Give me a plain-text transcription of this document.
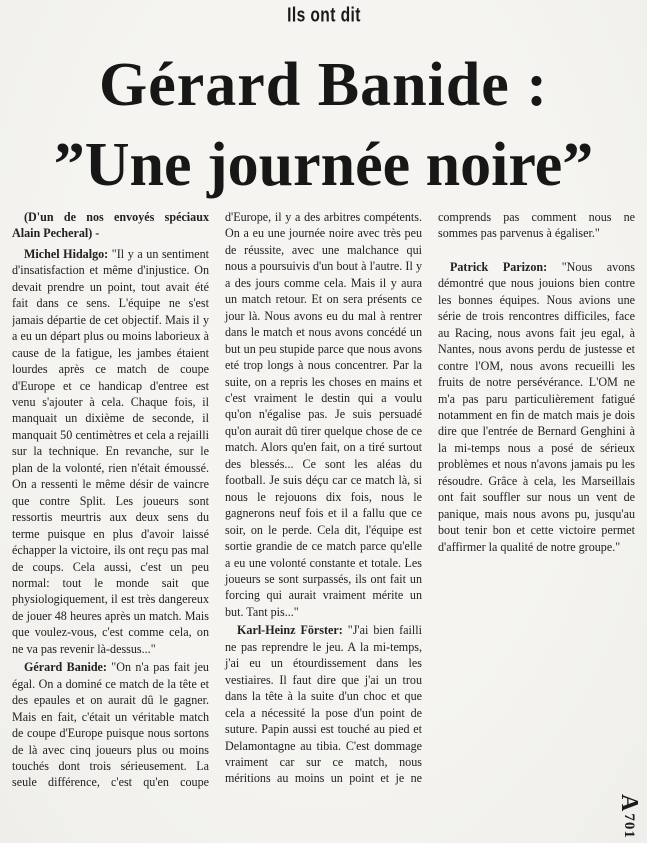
Ils ont dit
Gérard Banide :
”Une journée noire”

(D'un de nos envoyés spéciaux Alain Pecheral) -

Michel Hidalgo: "Il y a un sentiment d'insatisfaction et même d'injustice. On devait prendre un point, tout avait été fait dans ce sens. L'équipe ne s'est jamais départie de cet objectif. Mais il y a eu un départ plus ou moins laborieux à cause de la fatigue, les jambes étaient lourdes après ce match de coupe d'Europe et ce handicap d'entree est venu s'ajouter à cela. Chaque fois, il manquait un dixième de seconde, il manquait 50 centimètres et cela a rejailli sur la technique. En revanche, sur le plan de la volonté, rien n'était émoussé. On a ressenti le même désir de vaincre que contre Split. Les joueurs sont ressortis meurtris aux deux sens du terme puisque en plus d'avoir laissé échapper la victoire, ils ont reçu pas mal de coups. Cela aussi, c'est un peu normal: tout le monde sait que physiologiquement, il est très dangereux de jouer 48 heures après un match. Mais que voulez-vous, c'est comme cela, on ne va pas revenir là-dessus..."

Gérard Banide: "On n'a pas fait jeu égal. On a dominé ce match de la tête et des epaules et on aurait dû le gagner. Mais en fait, c'était un véritable match de coupe d'Europe puisque nous sortons de là avec cinq joueurs plus ou moins touchés dont trois sérieusement. La seule différence, c'est qu'en coupe d'Europe, il y a des arbitres compétents. On a eu une journée noire avec très peu de réussite, avec une malchance qui nous a poursuivis d'un bout à l'autre. Il y a des jours comme cela. Mais il y aura un match retour. Et on sera présents ce jour là. Nous avons eu du mal à rentrer dans le match et nous avons concédé un but un peu stupide parce que nous avons eté trop longs à nous concentrer. Par la suite, on a repris les choses en mains et c'est vraiment le destin qui a voulu qu'on n'égalise pas. Je suis persuadé qu'on aurait dû tirer quelque chose de ce match. Alors qu'en fait, on a tiré surtout des blessés... Ce sont les aléas du football. Je suis déçu car ce match là, si nous le rejouons dix fois, nous le gagnerons neuf fois et il a fallu que ce soir, on le perde. Cela dit, l'équipe est sortie grandie de ce match parce qu'elle a eu une volonté constante et totale. Les joueurs se sont surpassés, ils ont fait un forcing qui aurait vraiment mérite un but. Tant pis..."

Karl-Heinz Förster: "J'ai bien failli ne pas reprendre le jeu. A la mi-temps, j'ai eu un étourdissement dans les vestiaires. Il faut dire que j'ai un trou dans la tête à la suite d'un choc et que cela a nécessité la pose d'un point de suture. Papin aussi est touché au pied et Delamontagne au tibia. C'est dommage vraiment car sur ce match, nous méritions au moins un point et je ne comprends pas comment nous ne sommes pas parvenus à égaliser."

Patrick Parizon: "Nous avons démontré que nous jouions bien contre les bonnes équipes. Nous avions une série de trois rencontres difficiles, face au Racing, nous avons fait jeu egal, à Nantes, nous avons perdu de justesse et contre l'OM, nous avons recueilli les fruits de notre persévérance. L'OM ne m'a pas paru particulièrement fatigué notamment en fin de match mais je dois dire que l'entrée de Bernard Genghini à la mi-temps nous a posé de sérieux problèmes et nous n'avons jamais pu les résoudre. Grâce à cela, les Marseillais ont fait souffler sur nous un vent de panique, mais nous avons pu, jusqu'au bout tenir bon et cette victoire permet d'affirmer la qualité de notre groupe."

A701
